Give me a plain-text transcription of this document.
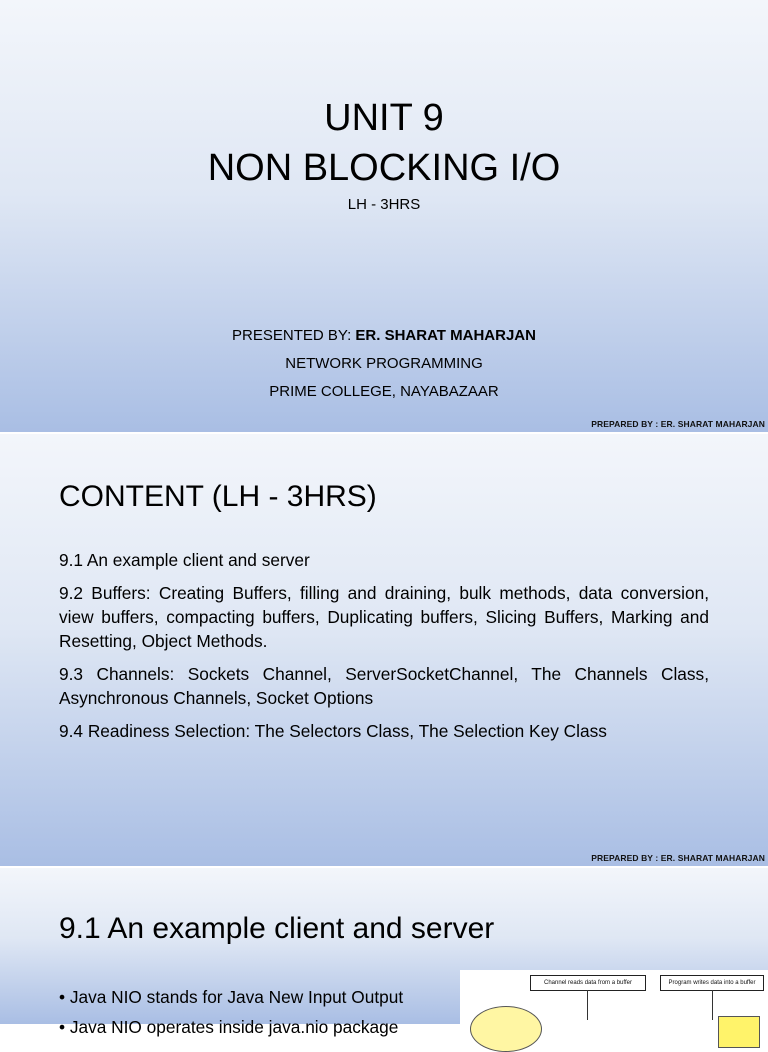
UNIT 9
NON BLOCKING I/O
LH - 3HRS
PRESENTED BY: ER. SHARAT MAHARJAN
NETWORK PROGRAMMING
PRIME COLLEGE, NAYABAZAAR
PREPARED BY : ER. SHARAT MAHARJAN
CONTENT (LH - 3HRS)

9.1 An example client and server

9.2 Buffers: Creating Buffers, filling and draining, bulk methods, data conversion, view buffers, compacting buffers, Duplicating buffers, Slicing Buffers, Marking and Resetting, Object Methods.

9.3 Channels: Sockets Channel, ServerSocketChannel, The Channels Class, Asynchronous Channels, Socket Options

9.4 Readiness Selection: The Selectors Class, The Selection Key Class

PREPARED BY : ER. SHARAT MAHARJAN
9.1 An example client and server
• Java NIO stands for Java New Input Output
• Java NIO operates inside java.nio package
Channel reads data from a buffer	Program writes data into a buffer
